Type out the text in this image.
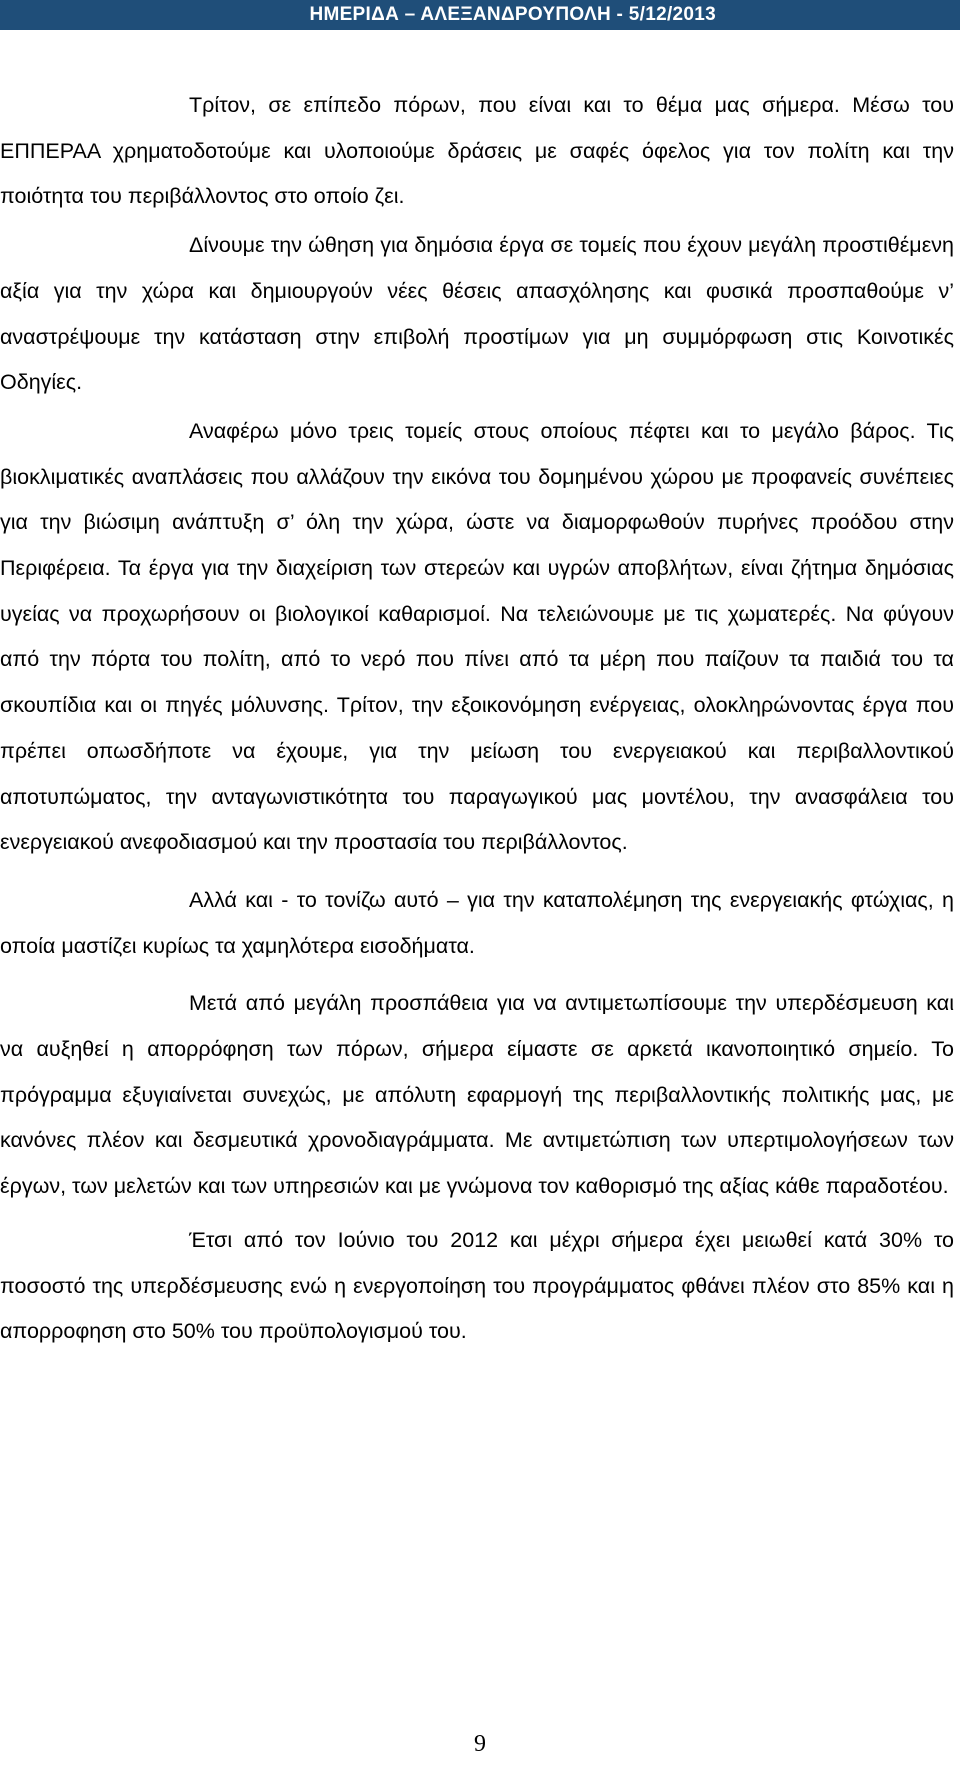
ΗΜΕΡΙΔΑ – ΑΛΕΞΑΝΔΡΟΥΠΟΛΗ - 5/12/2013

Τρίτον, σε επίπεδο πόρων, που είναι και το θέμα μας σήμερα. Μέσω του ΕΠΠΕΡΑΑ χρηματοδοτούμε και υλοποιούμε δράσεις με σαφές όφελος για τον πολίτη και την ποιότητα του περιβάλλοντος στο οποίο ζει.

Δίνουμε την ώθηση για δημόσια έργα σε τομείς που έχουν μεγάλη προστιθέμενη αξία για την χώρα και δημιουργούν νέες θέσεις απασχόλησης και φυσικά προσπαθούμε ν’ αναστρέψουμε την κατάσταση στην επιβολή προστίμων για μη συμμόρφωση στις Κοινοτικές Οδηγίες.

Αναφέρω μόνο τρεις τομείς στους οποίους πέφτει και το μεγάλο βάρος. Τις βιοκλιματικές αναπλάσεις που αλλάζουν την εικόνα του δομημένου χώρου με προφανείς συνέπειες για την βιώσιμη ανάπτυξη σ’ όλη την χώρα, ώστε να διαμορφωθούν πυρήνες προόδου στην Περιφέρεια. Τα έργα για την διαχείριση των στερεών και υγρών αποβλήτων, είναι ζήτημα δημόσιας υγείας να προχωρήσουν οι βιολογικοί καθαρισμοί. Να τελειώνουμε με τις χωματερές. Να φύγουν από την πόρτα του πολίτη, από το νερό που πίνει από τα μέρη που παίζουν τα παιδιά του τα σκουπίδια και οι πηγές μόλυνσης. Τρίτον, την εξοικονόμηση ενέργειας, ολοκληρώνοντας έργα που πρέπει οπωσδήποτε να έχουμε, για την μείωση του ενεργειακού και περιβαλλοντικού αποτυπώματος, την ανταγωνιστικότητα του παραγωγικού μας μοντέλου, την ανασφάλεια του ενεργειακού ανεφοδιασμού και την προστασία του περιβάλλοντος.

Αλλά και - το τονίζω αυτό – για την καταπολέμηση της ενεργειακής φτώχιας, η οποία μαστίζει κυρίως τα χαμηλότερα εισοδήματα.

Μετά από μεγάλη προσπάθεια για να αντιμετωπίσουμε την υπερδέσμευση και να αυξηθεί η απορρόφηση των πόρων, σήμερα είμαστε σε αρκετά ικανοποιητικό σημείο. Το πρόγραμμα εξυγιαίνεται συνεχώς, με απόλυτη εφαρμογή της περιβαλλοντικής πολιτικής μας, με κανόνες πλέον και δεσμευτικά χρονοδιαγράμματα. Με αντιμετώπιση των υπερτιμολογήσεων των έργων, των μελετών και των υπηρεσιών και με γνώμονα τον καθορισμό της αξίας κάθε παραδοτέου.

Έτσι από τον Ιούνιο του 2012 και μέχρι σήμερα έχει μειωθεί κατά 30% το ποσοστό της υπερδέσμευσης ενώ η ενεργοποίηση του προγράμματος φθάνει πλέον στο 85% και η απορροφηση στο 50% του προϋπολογισμού του.

9
